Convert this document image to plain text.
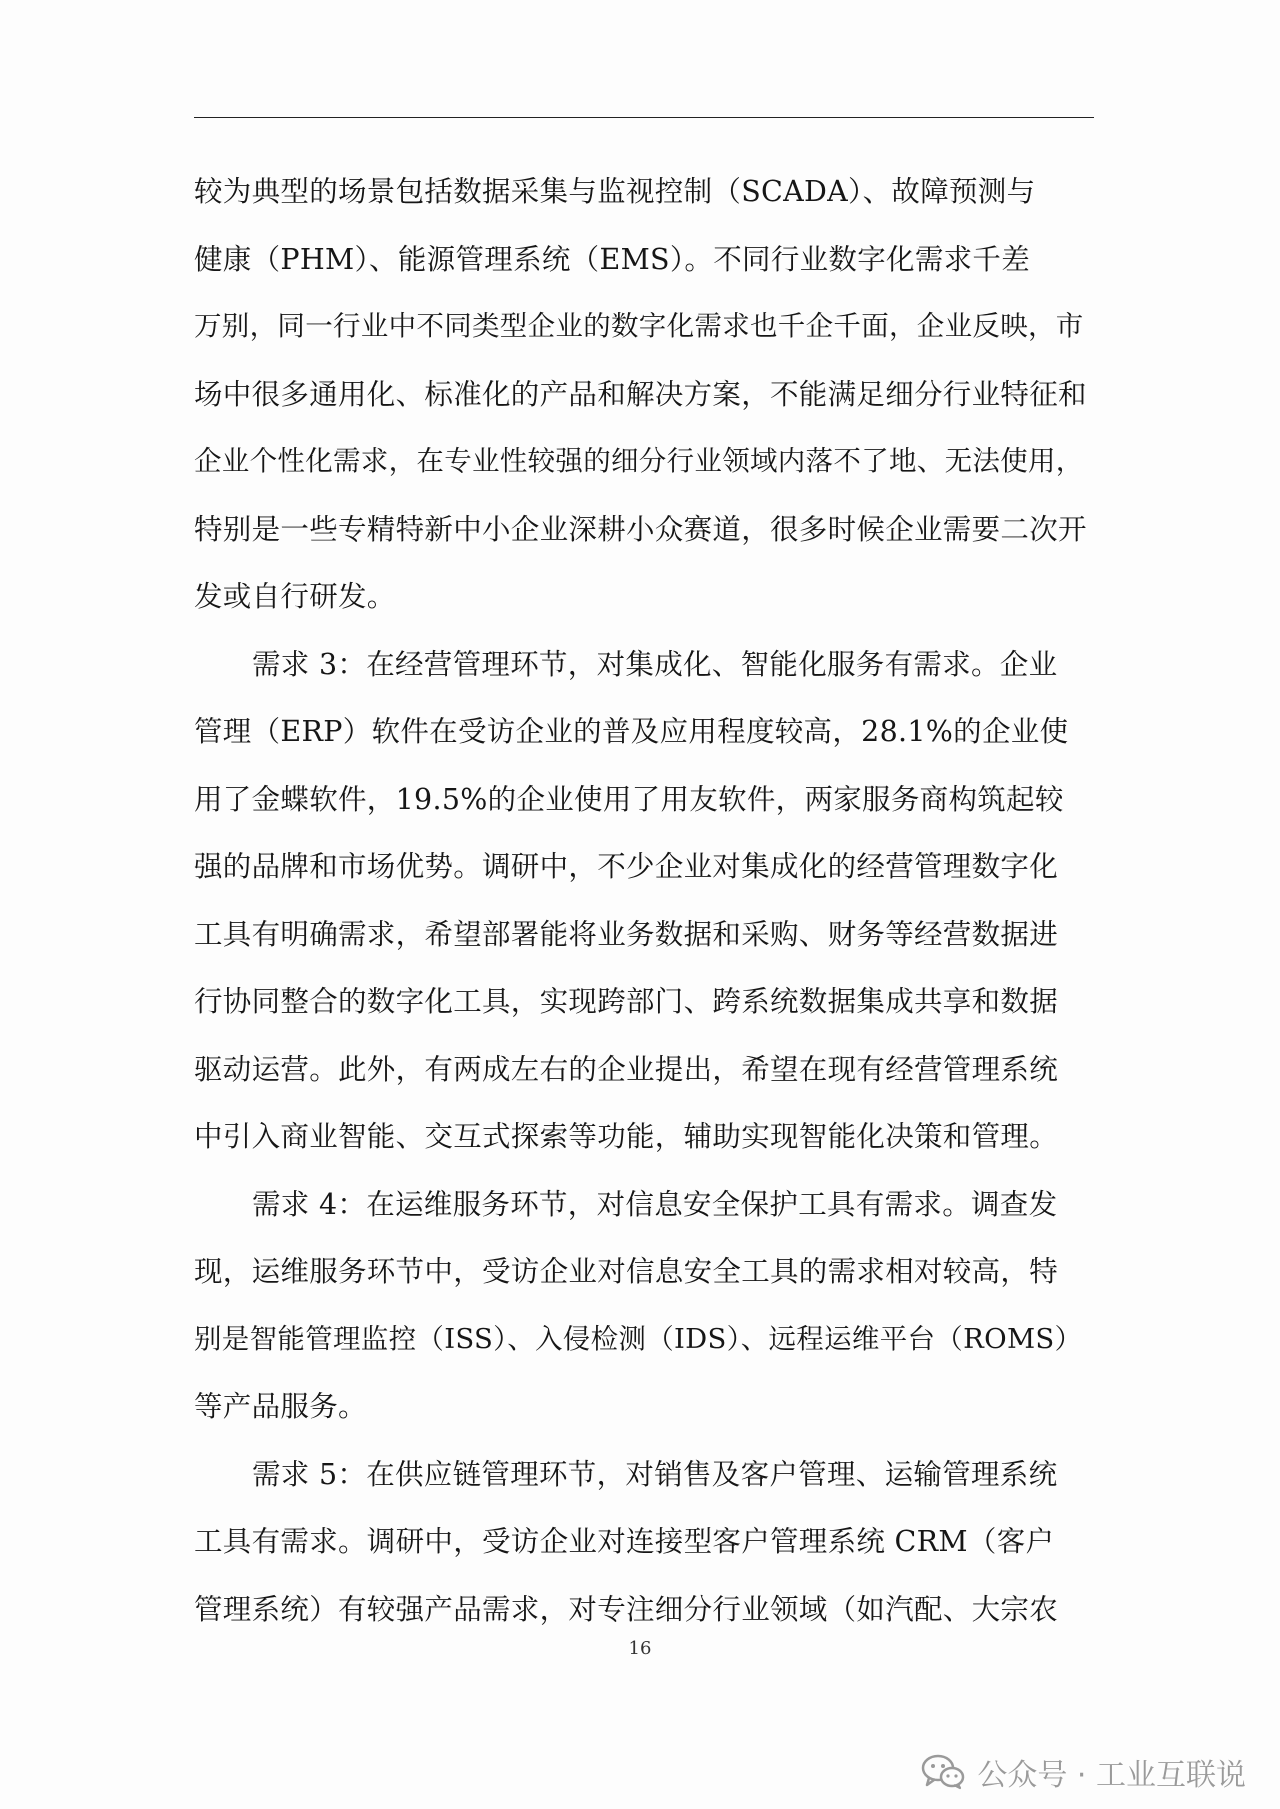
较为典型的场景包括数据采集与监视控制（SCADA）、故障预测与
健康（PHM）、能源管理系统（EMS）。不同行业数字化需求千差
万别，同一行业中不同类型企业的数字化需求也千企千面，企业反映，市
场中很多通用化、标准化的产品和解决方案，不能满足细分行业特征和
企业个性化需求，在专业性较强的细分行业领域内落不了地、无法使用，
特别是一些专精特新中小企业深耕小众赛道，很多时候企业需要二次开
发或自行研发。
需求 3：在经营管理环节，对集成化、智能化服务有需求。企业
管理（ERP）软件在受访企业的普及应用程度较高，28.1%的企业使
用了金蝶软件，19.5%的企业使用了用友软件，两家服务商构筑起较
强的品牌和市场优势。调研中，不少企业对集成化的经营管理数字化
工具有明确需求，希望部署能将业务数据和采购、财务等经营数据进
行协同整合的数字化工具，实现跨部门、跨系统数据集成共享和数据
驱动运营。此外，有两成左右的企业提出，希望在现有经营管理系统
中引入商业智能、交互式探索等功能，辅助实现智能化决策和管理。
需求 4：在运维服务环节，对信息安全保护工具有需求。调查发
现，运维服务环节中，受访企业对信息安全工具的需求相对较高，特
别是智能管理监控（ISS）、入侵检测（IDS）、远程运维平台（ROMS）
等产品服务。
需求 5：在供应链管理环节，对销售及客户管理、运输管理系统
工具有需求。调研中，受访企业对连接型客户管理系统 CRM（客户
管理系统）有较强产品需求，对专注细分行业领域（如汽配、大宗农
16
公众号 · 工业互联说
